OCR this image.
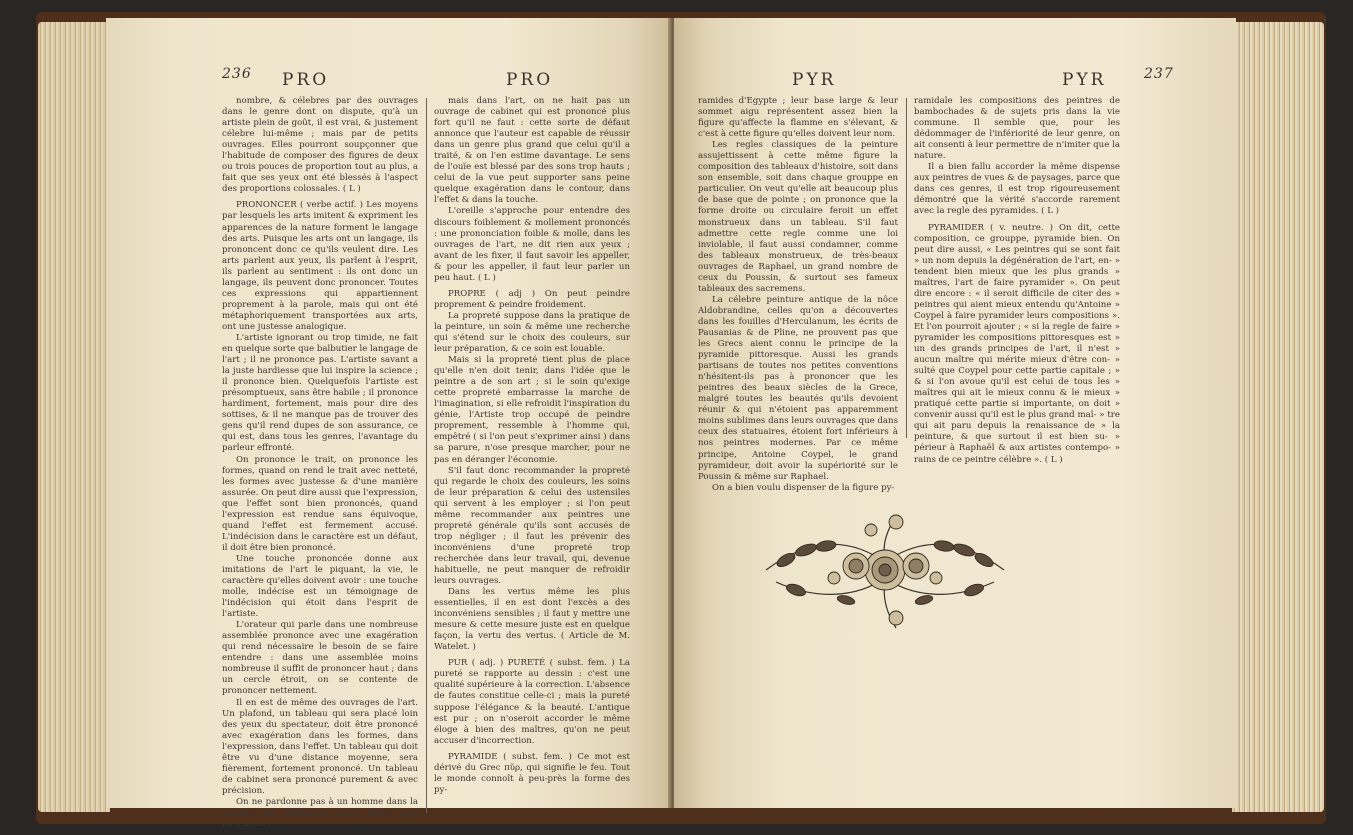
236 PRO	PRO

nombre, & célebres par des ouvrages dans le genre dont on dispute, qu'à un artiste plein de goût, il est vrai, & justement célebre lui-même ; mais par de petits ouvrages. Elles pourront soupçonner que l'habitude de composer des figures de deux ou trois pouces de proportion tout au plus, a fait que ses yeux ont été blessés à l'aspect des proportions colossales. ( L )

PRONONCER ( verbe actif. ) Les moyens par lesquels les arts imitent & expriment les apparences de la nature forment le langage des arts. Puisque les arts ont un langage, ils prononcent donc ce qu'ils veulent dire. Les arts parlent aux yeux, ils parlent à l'esprit, ils parlent au sentiment : ils ont donc un langage, ils peuvent donc prononcer. Toutes ces expressions qui appartiennent proprement à la parole, mais qui ont été métaphoriquement transportées aux arts, ont une justesse analogique.

L'artiste ignorant ou trop timide, ne fait en quelque sorte que balbutier le langage de l'art ; il ne prononce pas. L'artiste savant a la juste hardiesse que lui inspire la science ; il prononce bien. Quelquefois l'artiste est présomptueux, sans être habile ; il prononce hardiment, fortement, mais pour dire des sottises, & il ne manque pas de trouver des gens qu'il rend dupes de son assurance, ce qui est, dans tous les genres, l'avantage du parleur effronté.

On prononce le trait, on prononce les formes, quand on rend le trait avec netteté, les formes avec justesse & d'une manière assurée. On peut dire aussi que l'expression, que l'effet sont bien prononcés, quand l'expression est rendue sans équivoque, quand l'effet est fermement accusé. L'indécision dans le caractère est un défaut, il doit être bien prononcé.

Une touche prononcée donne aux imitations de l'art le piquant, la vie, le caractère qu'elles doivent avoir : une touche molle, indécise est un témoignage de l'indécision qui étoit dans l'esprit de l'artiste.

L'orateur qui parle dans une nombreuse assemblée prononce avec une exagération qui rend nécessaire le besoin de se faire entendre : dans une assemblée moins nombreuse il suffit de prononcer haut ; dans un cercle étroit, on se contente de prononcer nettement.

Il en est de même des ouvrages de l'art. Un plafond, un tableau qui sera placé loin des yeux du spectateur, doit être prononcé avec exagération dans les formes, dans l'expression, dans l'effet. Un tableau qui doit être vu d'une distance moyenne, sera fièrement, fortement prononcé. Un tableau de cabinet sera prononcé purement & avec précision.

On ne pardonne pas à un homme dans la société de prononcer trop haut, trop fortement ;

mais dans l'art, on ne hait pas un ouvrage de cabinet qui est prononcé plus fort qu'il ne faut : cette sorte de défaut annonce que l'auteur est capable de réussir dans un genre plus grand que celui qu'il a traité, & on l'en estime davantage. Le sens de l'ouïe est blessé par des sons trop hauts ; celui de la vue peut supporter sans peine quelque exagération dans le contour, dans l'effet & dans la touche.

L'oreille s'approche pour entendre des discours foiblement & mollement prononcés : une prononciation foible & molle, dans les ouvrages de l'art, ne dit rien aux yeux ; avant de les fixer, il faut savoir les appeller, & pour les appeller, il faut leur parler un peu haut. ( L )

PROPRE ( adj ) On peut peindre proprement & peindre froidement.

La propreté suppose dans la pratique de la peinture, un soin & même une recherche qui s'étend sur le choix des couleurs, sur leur préparation, & ce soin est louable.

Mais si la propreté tient plus de place qu'elle n'en doit tenir, dans l'idée que le peintre a de son art ; si le soin qu'exige cette propreté embarrasse la marche de l'imagination, si elle refroidit l'inspiration du génie, l'Artiste trop occupé de peindre proprement, ressemble à l'homme qui, empêtré ( si l'on peut s'exprimer ainsi ) dans sa parure, n'ose presque marcher, pour ne pas en déranger l'économie.

S'il faut donc recommander la propreté qui regarde le choix des couleurs, les soins de leur préparation & celui des ustensiles qui servent à les employer ; si l'on peut même recommander aux peintres une propreté générale qu'ils sont accusés de trop négliger ; il faut les prévenir des inconvéniens d'une propreté trop recherchée dans leur travail, qui, devenue habituelle, ne peut manquer de refroidir leurs ouvrages.

Dans les vertus même les plus essentielles, il en est dont l'excès a des inconvéniens sensibles ; il faut y mettre une mesure & cette mesure juste est en quelque façon, la vertu des vertus. ( Article de M. Watelet. )

PUR ( adj. ) PURETÉ ( subst. fem. ) La pureté se rapporte au dessin : c'est une qualité supérieure à la correction. L'absence de fautes constitue celle-ci ; mais la pureté suppose l'élégance & la beauté. L'antique est pur ; on n'oseroit accorder le même éloge à bien des maîtres, qu'on ne peut accuser d'incorrection.

PYRAMIDE ( subst. fem. ) Ce mot est dérivé du Grec πῦρ, qui signifie le feu. Tout le monde connoît à peu-près la forme des py-

PYR	PYR	237

ramides d'Egypte ; leur base large & leur sommet aigu représentent assez bien la figure qu'affecte la flamme en s'élevant, & c'est à cette figure qu'elles doivent leur nom.

Les regles classiques de la peinture assujettissent à cette même figure la composition des tableaux d'histoire, soit dans son ensemble, soit dans chaque grouppe en particulier. On veut qu'elle ait beaucoup plus de base que de pointe ; on prononce que la forme droite ou circulaire feroit un effet monstrueux dans un tableau. S'il faut admettre cette regle comme une loi inviolable, il faut aussi condamner, comme des tableaux monstrueux, de très-beaux ouvrages de Raphael, un grand nombre de ceux du Poussin, & surtout ses fameux tableaux des sacremens.

La célebre peinture antique de la nôce Aldobrandine, celles qu'on a découvertes dans les fouilles d'Herculanum, les écrits de Pausanias & de Pline, ne prouvent pas que les Grecs aient connu le principe de la pyramide pittoresque. Aussi les grands partisans de toutes nos petites conventions n'hésitent-ils pas à prononcer que les peintres des beaux siècles de la Grece, malgré toutes les beautés qu'ils devoient réunir & qui n'étoient pas apparemment moins sublimes dans leurs ouvrages que dans ceux des statuaires, étoient fort inférieurs à nos peintres modernes. Par ce même principe, Antoine Coypel, le grand pyramideur, doit avoir la supériorité sur le Poussin & même sur Raphael.

On a bien voulu dispenser de la figure py-

ramidale les compositions des peintres de bambochades & de sujets pris dans la vie commune. Il semble que, pour les dédommager de l'infériorité de leur genre, on ait consenti à leur permettre de n'imiter que la nature.

Il a bien fallu accorder la même dispense aux peintres de vues & de paysages, parce que dans ces genres, il est trop rigoureusement démontré que la vérité s'accorde rarement avec la regle des pyramides. ( L )

PYRAMIDER ( v. neutre. ) On dit, cette composition, ce grouppe, pyramide bien. On peut dire aussi, « Les peintres qui se sont fait » un nom depuis la dégénération de l'art, en- » tendent bien mieux que les plus grands » maîtres, l'art de faire pyramider ». On peut dire encore : « il seroit difficile de citer des » peintres qui aient mieux entendu qu'Antoine » Coypel à faire pyramider leurs compositions ». Et l'on pourroit ajouter ; « si la regle de faire » pyramider les compositions pittoresques est » un des grands principes de l'art, il n'est » aucun maître qui mérite mieux d'être con- » sulté que Coypel pour cette partie capitale ; » & si l'on avoue qu'il est celui de tous les » maîtres qui ait le mieux connu & le mieux » pratiqué cette partie si importante, on doit » convenir aussi qu'il est le plus grand maî- » tre qui ait paru depuis la renaissance de » la peinture, & que surtout il est bien su- » périeur à Raphaël & aux artistes contempo- » rains de ce peintre célèbre ». ( L )
